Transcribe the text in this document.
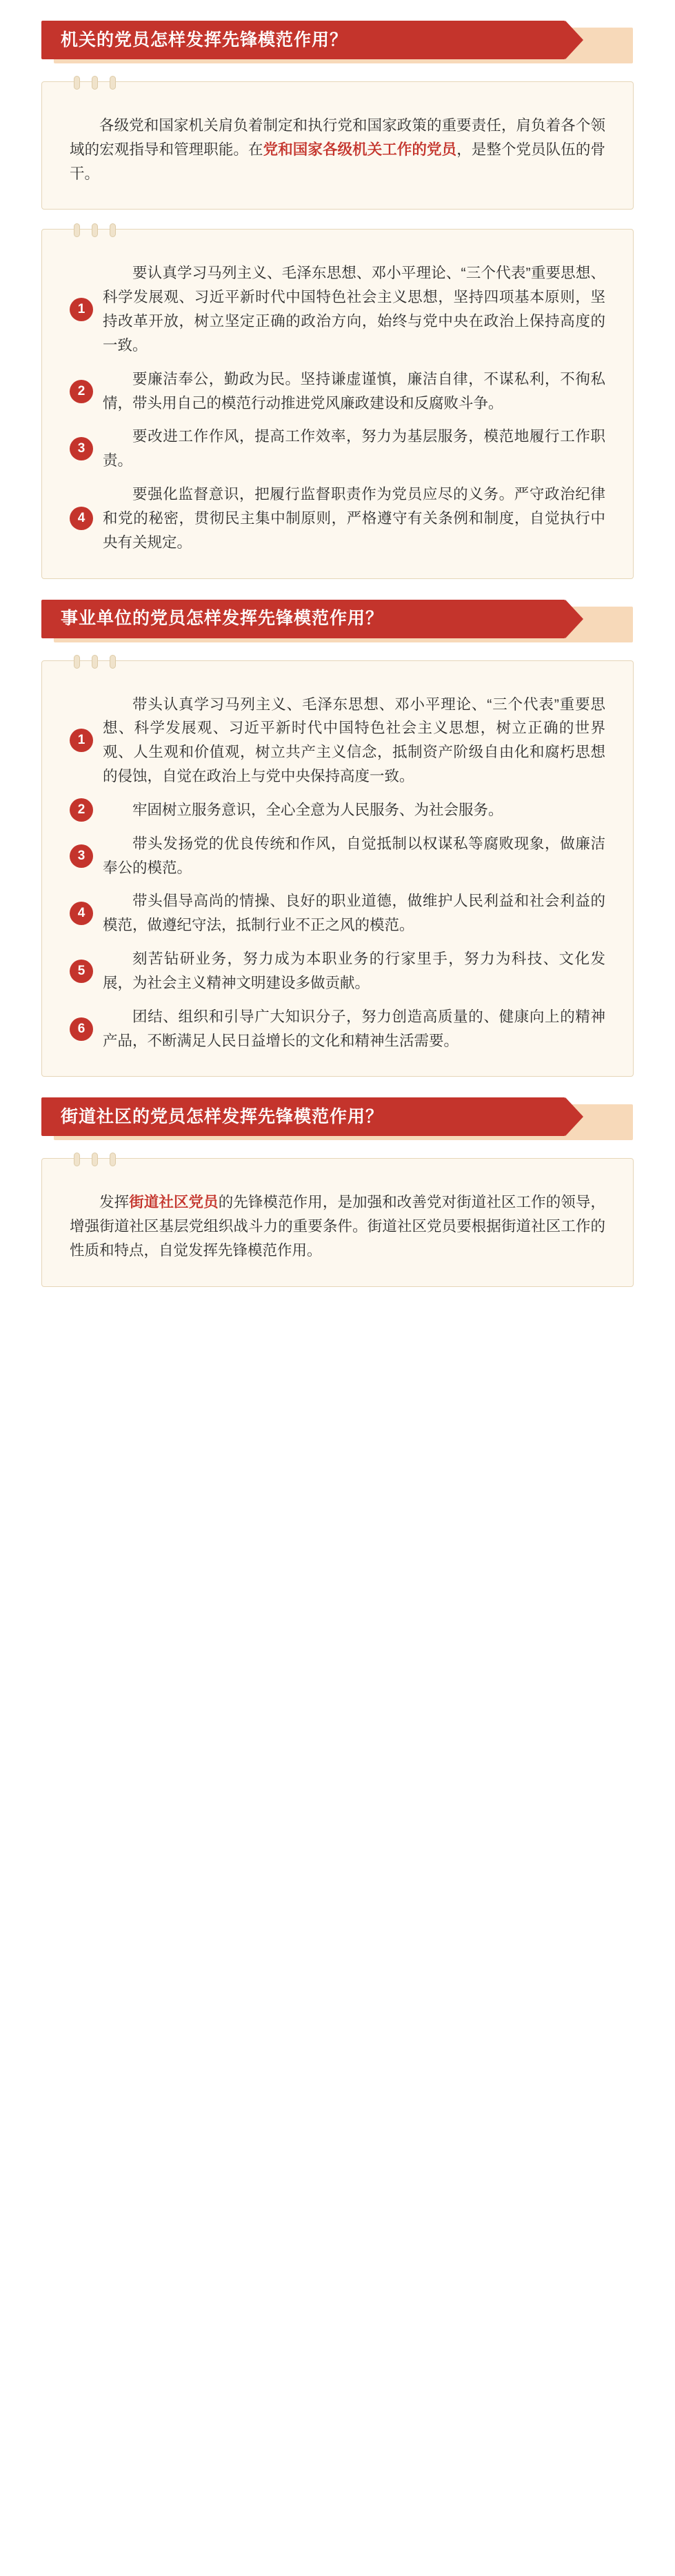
机关的党员怎样发挥先锋模范作用？

各级党和国家机关肩负着制定和执行党和国家政策的重要责任，肩负着各个领域的宏观指导和管理职能。在党和国家各级机关工作的党员，是整个党员队伍的骨干。

1
要认真学习马列主义、毛泽东思想、邓小平理论、“三个代表”重要思想、科学发展观、习近平新时代中国特色社会主义思想，坚持四项基本原则，坚持改革开放，树立坚定正确的政治方向，始终与党中央在政治上保持高度的一致。
2
要廉洁奉公，勤政为民。坚持谦虚谨慎，廉洁自律，不谋私利，不徇私情，带头用自己的模范行动推进党风廉政建设和反腐败斗争。
3
要改进工作作风，提高工作效率，努力为基层服务，模范地履行工作职责。
4
要强化监督意识，把履行监督职责作为党员应尽的义务。严守政治纪律和党的秘密，贯彻民主集中制原则，严格遵守有关条例和制度，自觉执行中央有关规定。
事业单位的党员怎样发挥先锋模范作用？
1
带头认真学习马列主义、毛泽东思想、邓小平理论、“三个代表”重要思想、科学发展观、习近平新时代中国特色社会主义思想，树立正确的世界观、人生观和价值观，树立共产主义信念，抵制资产阶级自由化和腐朽思想的侵蚀，自觉在政治上与党中央保持高度一致。
2	牢固树立服务意识，全心全意为人民服务、为社会服务。
3
带头发扬党的优良传统和作风，自觉抵制以权谋私等腐败现象，做廉洁奉公的模范。
4
带头倡导高尚的情操、良好的职业道德，做维护人民利益和社会利益的模范，做遵纪守法，抵制行业不正之风的模范。
5
刻苦钻研业务，努力成为本职业务的行家里手，努力为科技、文化发展，为社会主义精神文明建设多做贡献。
6
团结、组织和引导广大知识分子，努力创造高质量的、健康向上的精神产品，不断满足人民日益增长的文化和精神生活需要。
街道社区的党员怎样发挥先锋模范作用？

发挥街道社区党员的先锋模范作用，是加强和改善党对街道社区工作的领导，增强街道社区基层党组织战斗力的重要条件。街道社区党员要根据街道社区工作的性质和特点，自觉发挥先锋模范作用。
